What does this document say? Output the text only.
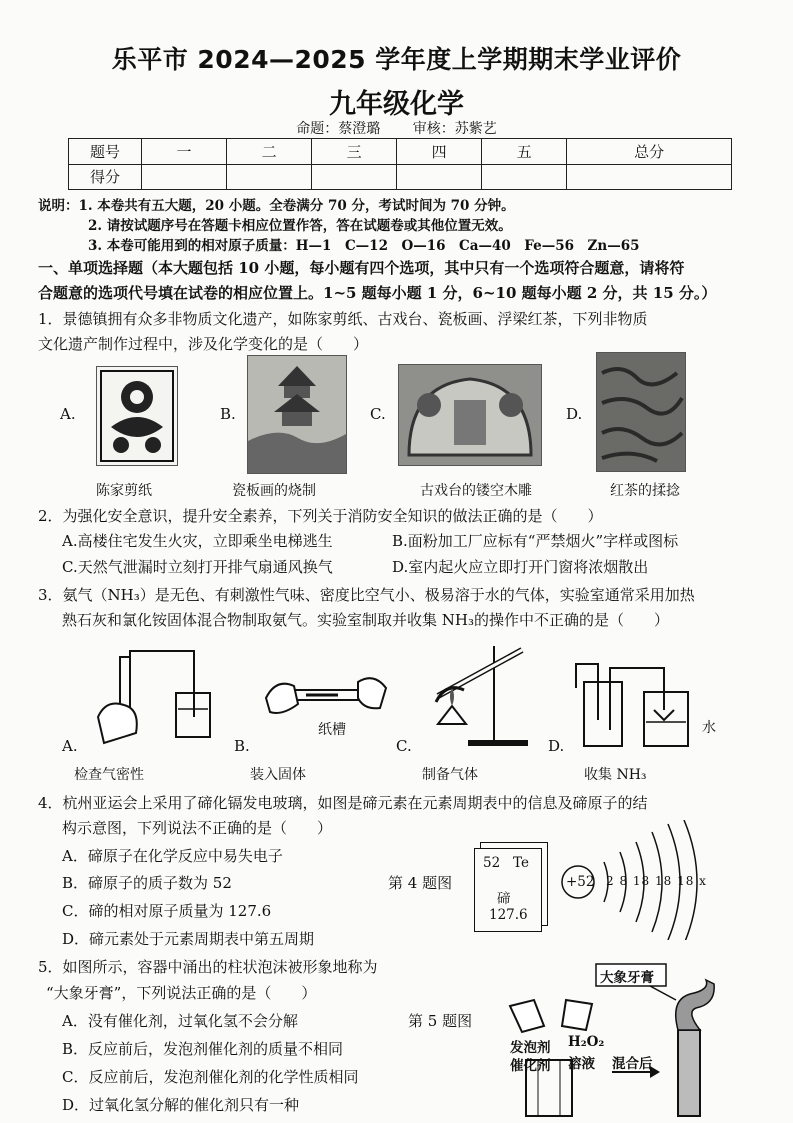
乐平市 2024—2025 学年度上学期期末学业评价
九年级化学
命题：蔡澄璐 审核：苏紫艺
题号	一	二	三	四	五	总分
得分						
说明：1. 本卷共有五大题，20 小题。全卷满分 70 分，考试时间为 70 分钟。
2. 请按试题序号在答题卡相应位置作答，答在试题卷或其他位置无效。
3. 本卷可能用到的相对原子质量：H—1　C—12　O—16　Ca—40　Fe—56　Zn—65
一、单项选择题（本大题包括 10 小题，每小题有四个选项，其中只有一个选项符合题意，请将符
合题意的选项代号填在试卷的相应位置上。1~5 题每小题 1 分，6~10 题每小题 2 分，共 15 分。）
1．景德镇拥有众多非物质文化遗产，如陈家剪纸、古戏台、瓷板画、浮梁红茶，下列非物质
文化遗产制作过程中，涉及化学变化的是（　　）
A.
陈家剪纸
B.
瓷板画的烧制
C.
古戏台的镂空木雕
D.
红茶的揉捻
2．为强化安全意识，提升安全素养，下列关于消防安全知识的做法正确的是（　　）
A.高楼住宅发生火灾，立即乘坐电梯逃生	B.面粉加工厂应标有“严禁烟火”字样或图标
C.天然气泄漏时立刻打开排气扇通风换气	D.室内起火应立即打开门窗将浓烟散出
3．氨气（NH₃）是无色、有刺激性气味、密度比空气小、极易溶于水的气体，实验室通常采用加热
熟石灰和氯化铵固体混合物制取氨气。实验室制取并收集 NH₃的操作中不正确的是（　　）
A.
检查气密性
B.
纸槽
装入固体
C.
制备气体
D.
水
收集 NH₃
4．杭州亚运会上采用了碲化镉发电玻璃，如图是碲元素在元素周期表中的信息及碲原子的结
构示意图，下列说法不正确的是（　　）
A．碲原子在化学反应中易失电子
B．碲原子的质子数为 52
C．碲的相对原子质量为 127.6
D．碲元素处于元素周期表中第五周期
第 4 题图
52 Te
碲
127.6
+52 2 8 18 18 18 x
5．如图所示，容器中涌出的柱状泡沫被形象地称为
“大象牙膏”，下列说法正确的是（　　）
A．没有催化剂，过氧化氢不会分解
B．反应前后，发泡剂催化剂的质量不相同
C．反应前后，发泡剂催化剂的化学性质相同
D．过氧化氢分解的催化剂只有一种
第 5 题图
大象牙膏
发泡剂
催化剂
H₂O₂
溶液 混合后
